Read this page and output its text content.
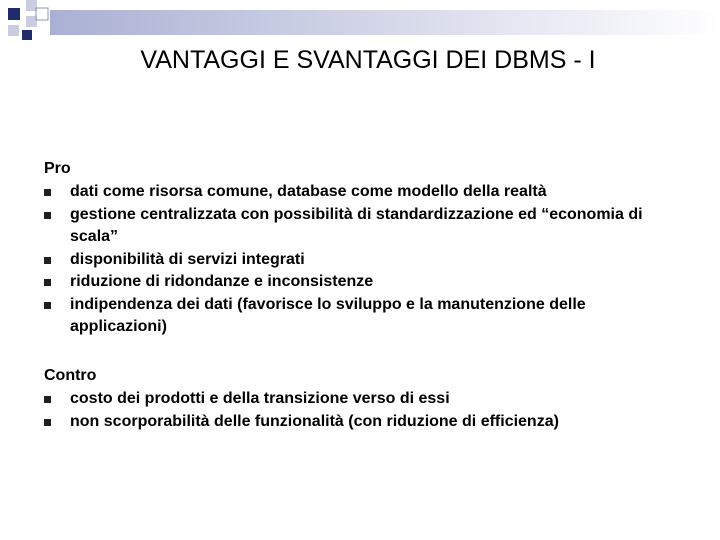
VANTAGGI E SVANTAGGI DEI DBMS - I
Pro
dati come risorsa comune, database come modello della realtà
gestione centralizzata con possibilità di standardizzazione ed “economia di scala”
disponibilità di servizi integrati
riduzione di ridondanze e inconsistenze
indipendenza dei dati (favorisce lo sviluppo e la manutenzione delle applicazioni)
Contro
costo dei prodotti e della transizione verso di essi
non scorporabilità delle funzionalità (con riduzione di efficienza)
